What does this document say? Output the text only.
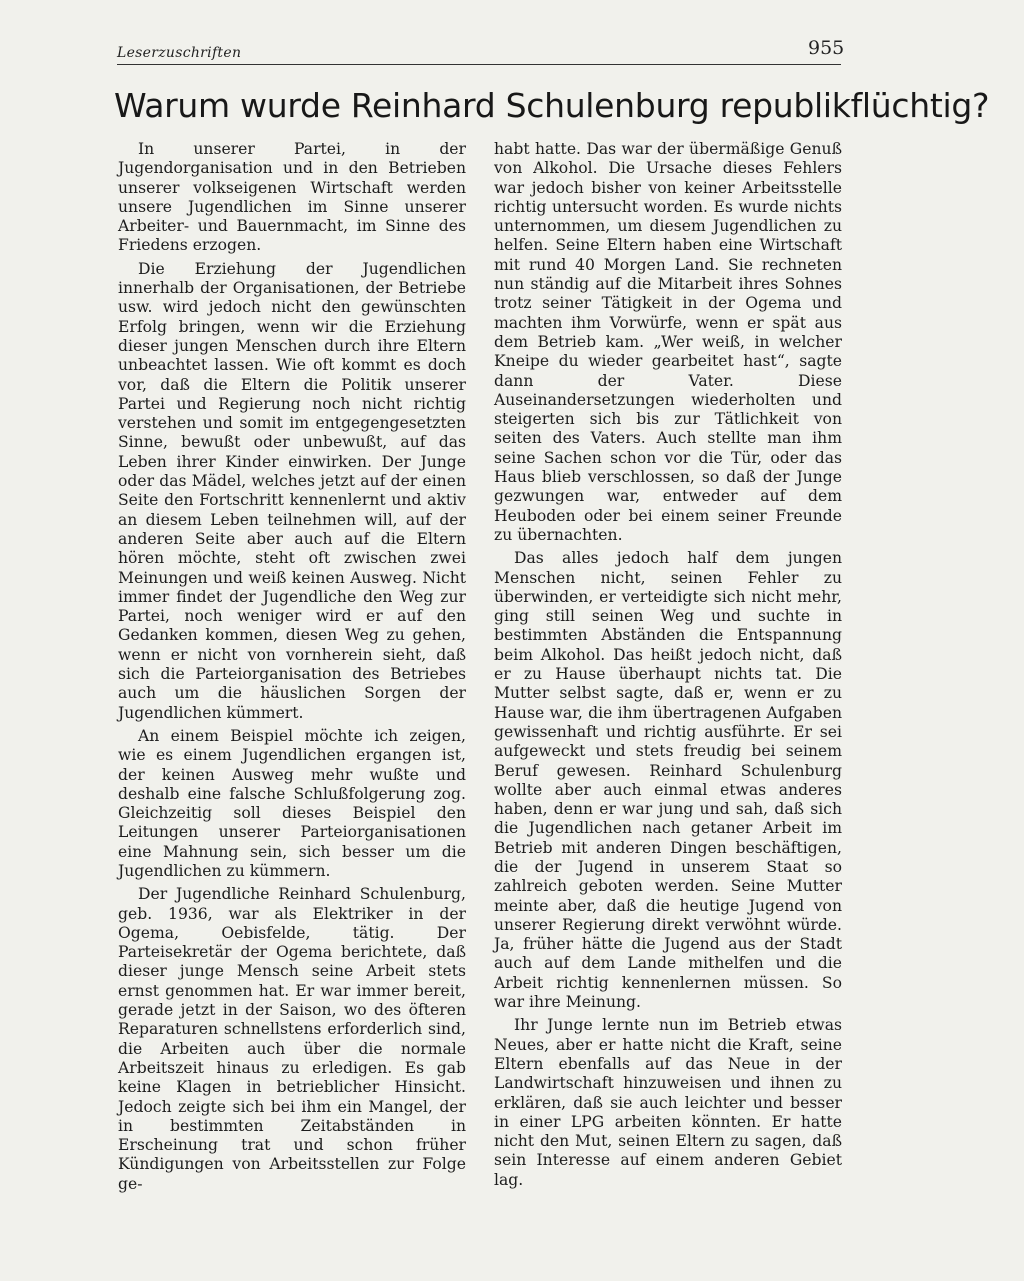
Leserzuschriften	955
Warum wurde Reinhard Schulenburg republikflüchtig?

In unserer Partei, in der Jugendorganisation und in den Betrieben unserer volkseigenen Wirtschaft werden unsere Jugendlichen im Sinne unserer Arbeiter- und Bauernmacht, im Sinne des Friedens erzogen.

Die Erziehung der Jugendlichen innerhalb der Organisationen, der Betriebe usw. wird jedoch nicht den gewünschten Erfolg bringen, wenn wir die Erziehung dieser jungen Menschen durch ihre Eltern unbeachtet lassen. Wie oft kommt es doch vor, daß die Eltern die Politik unserer Partei und Regierung noch nicht richtig verstehen und somit im entgegengesetzten Sinne, bewußt oder unbewußt, auf das Leben ihrer Kinder einwirken. Der Junge oder das Mädel, welches jetzt auf der einen Seite den Fortschritt kennenlernt und aktiv an diesem Leben teilnehmen will, auf der anderen Seite aber auch auf die Eltern hören möchte, steht oft zwischen zwei Meinungen und weiß keinen Ausweg. Nicht immer findet der Jugendliche den Weg zur Partei, noch weniger wird er auf den Gedanken kommen, diesen Weg zu gehen, wenn er nicht von vornherein sieht, daß sich die Parteiorganisation des Betriebes auch um die häuslichen Sorgen der Jugendlichen kümmert.

An einem Beispiel möchte ich zeigen, wie es einem Jugendlichen ergangen ist, der keinen Ausweg mehr wußte und deshalb eine falsche Schlußfolgerung zog. Gleichzeitig soll dieses Beispiel den Leitungen unserer Parteiorganisationen eine Mahnung sein, sich besser um die Jugendlichen zu kümmern.

Der Jugendliche Reinhard Schulenburg, geb. 1936, war als Elektriker in der Ogema, Oebisfelde, tätig. Der Parteisekretär der Ogema berichtete, daß dieser junge Mensch seine Arbeit stets ernst genommen hat. Er war immer bereit, gerade jetzt in der Saison, wo des öfteren Reparaturen schnellstens erforderlich sind, die Arbeiten auch über die normale Arbeitszeit hinaus zu erledigen. Es gab keine Klagen in betrieblicher Hinsicht. Jedoch zeigte sich bei ihm ein Mangel, der in bestimmten Zeitabständen in Erscheinung trat und schon früher Kündigungen von Arbeitsstellen zur Folge ge-

habt hatte. Das war der übermäßige Genuß von Alkohol. Die Ursache dieses Fehlers war jedoch bisher von keiner Arbeitsstelle richtig untersucht worden. Es wurde nichts unternommen, um diesem Jugendlichen zu helfen. Seine Eltern haben eine Wirtschaft mit rund 40 Morgen Land. Sie rechneten nun ständig auf die Mitarbeit ihres Sohnes trotz seiner Tätigkeit in der Ogema und machten ihm Vorwürfe, wenn er spät aus dem Betrieb kam. „Wer weiß, in welcher Kneipe du wieder gearbeitet hast“, sagte dann der Vater. Diese Auseinandersetzungen wiederholten und steigerten sich bis zur Tätlichkeit von seiten des Vaters. Auch stellte man ihm seine Sachen schon vor die Tür, oder das Haus blieb verschlossen, so daß der Junge gezwungen war, entweder auf dem Heuboden oder bei einem seiner Freunde zu übernachten.

Das alles jedoch half dem jungen Menschen nicht, seinen Fehler zu überwinden, er verteidigte sich nicht mehr, ging still seinen Weg und suchte in bestimmten Abständen die Entspannung beim Alkohol. Das heißt jedoch nicht, daß er zu Hause überhaupt nichts tat. Die Mutter selbst sagte, daß er, wenn er zu Hause war, die ihm übertragenen Aufgaben gewissenhaft und richtig ausführte. Er sei aufgeweckt und stets freudig bei seinem Beruf gewesen. Reinhard Schulenburg wollte aber auch einmal etwas anderes haben, denn er war jung und sah, daß sich die Jugendlichen nach getaner Arbeit im Betrieb mit anderen Dingen beschäftigen, die der Jugend in unserem Staat so zahlreich geboten werden. Seine Mutter meinte aber, daß die heutige Jugend von unserer Regierung direkt verwöhnt würde. Ja, früher hätte die Jugend aus der Stadt auch auf dem Lande mithelfen und die Arbeit richtig kennenlernen müssen. So war ihre Meinung.

Ihr Junge lernte nun im Betrieb etwas Neues, aber er hatte nicht die Kraft, seine Eltern ebenfalls auf das Neue in der Landwirtschaft hinzuweisen und ihnen zu erklären, daß sie auch leichter und besser in einer LPG arbeiten könnten. Er hatte nicht den Mut, seinen Eltern zu sagen, daß sein Interesse auf einem anderen Gebiet lag.
